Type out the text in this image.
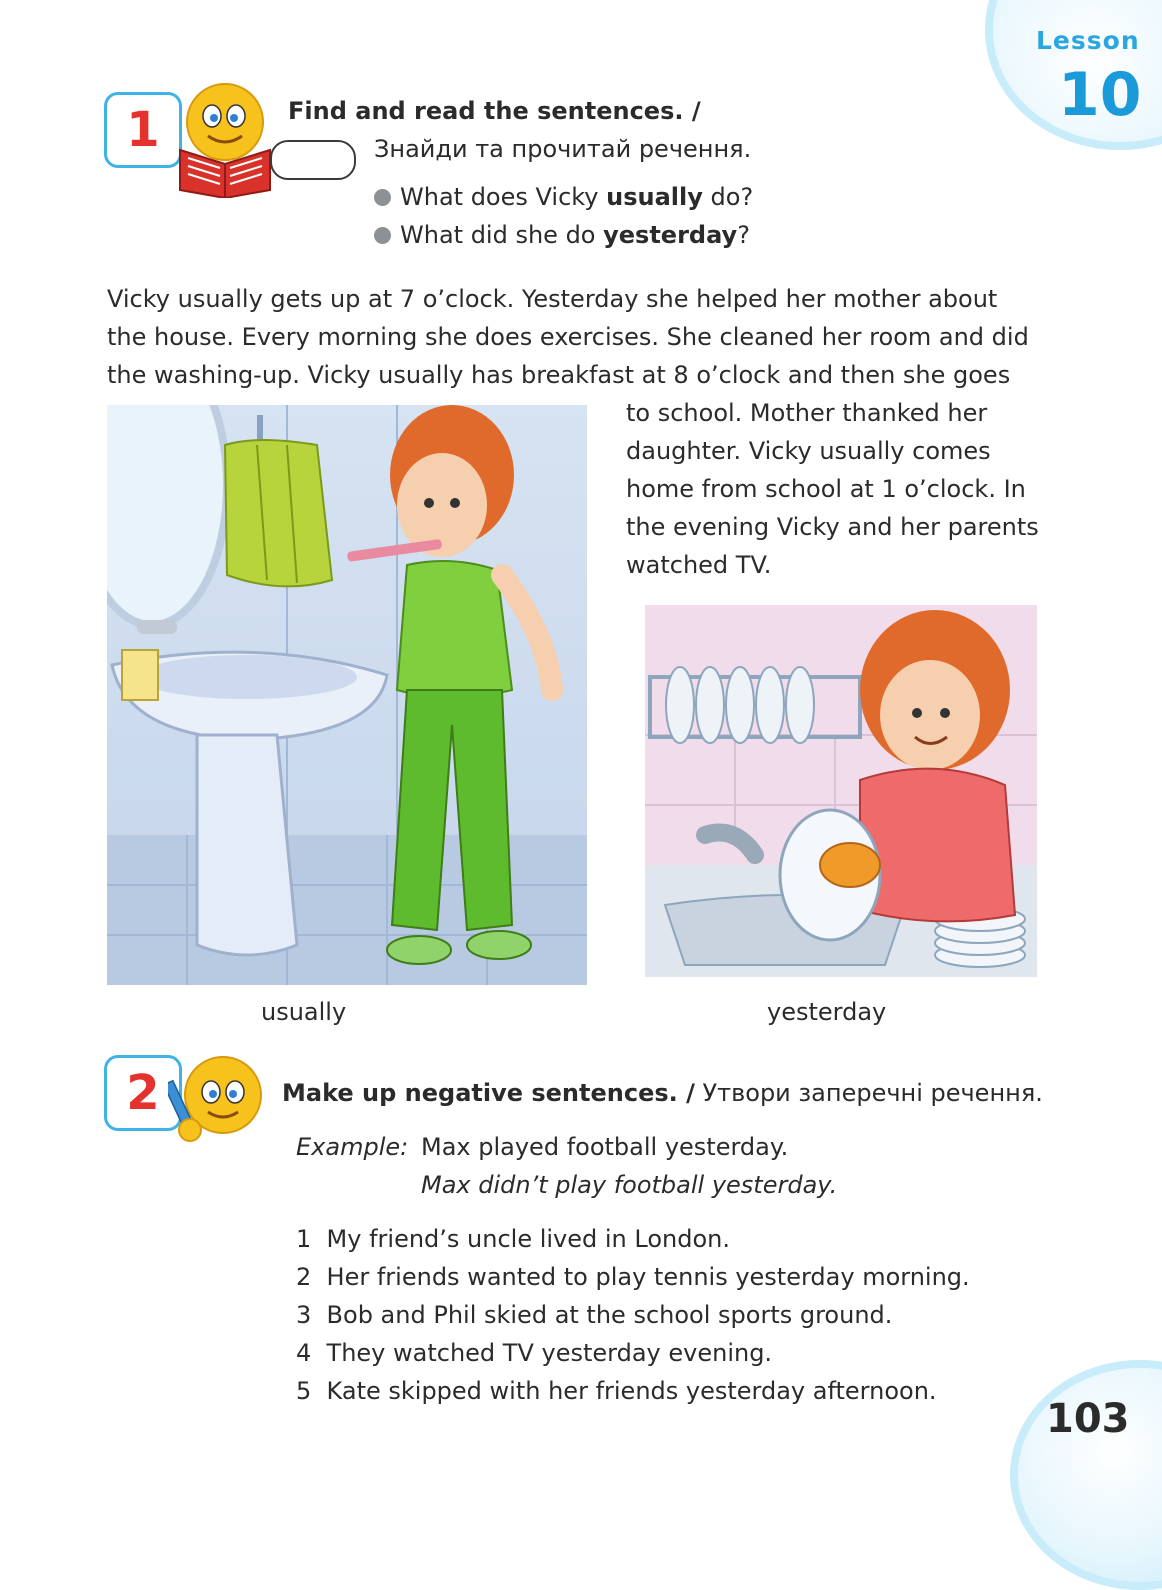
Lesson
10
1	Find and read the sentences. /
Знайди та прочитай речення.
What does Vicky usually do?
What did she do yesterday?
Vicky usually gets up at 7 o’clock. Yesterday she helped her mother about
the house. Every morning she does exercises. She cleaned her room and did
the washing-up. Vicky usually has breakfast at 8 o’clock and then she goes
to school. Mother thanked her
daughter. Vicky usually comes
home from school at 1 o’clock. In
the evening Vicky and her parents
watched TV.
usually	yesterday
2	Make up negative sentences. / Утвори заперечні речення.
Example: Max played football yesterday.
Max didn’t play football yesterday.
1 My friend’s uncle lived in London.
2 Her friends wanted to play tennis yesterday morning.
3 Bob and Phil skied at the school sports ground.
4 They watched TV yesterday evening.
5 Kate skipped with her friends yesterday afternoon.
103
